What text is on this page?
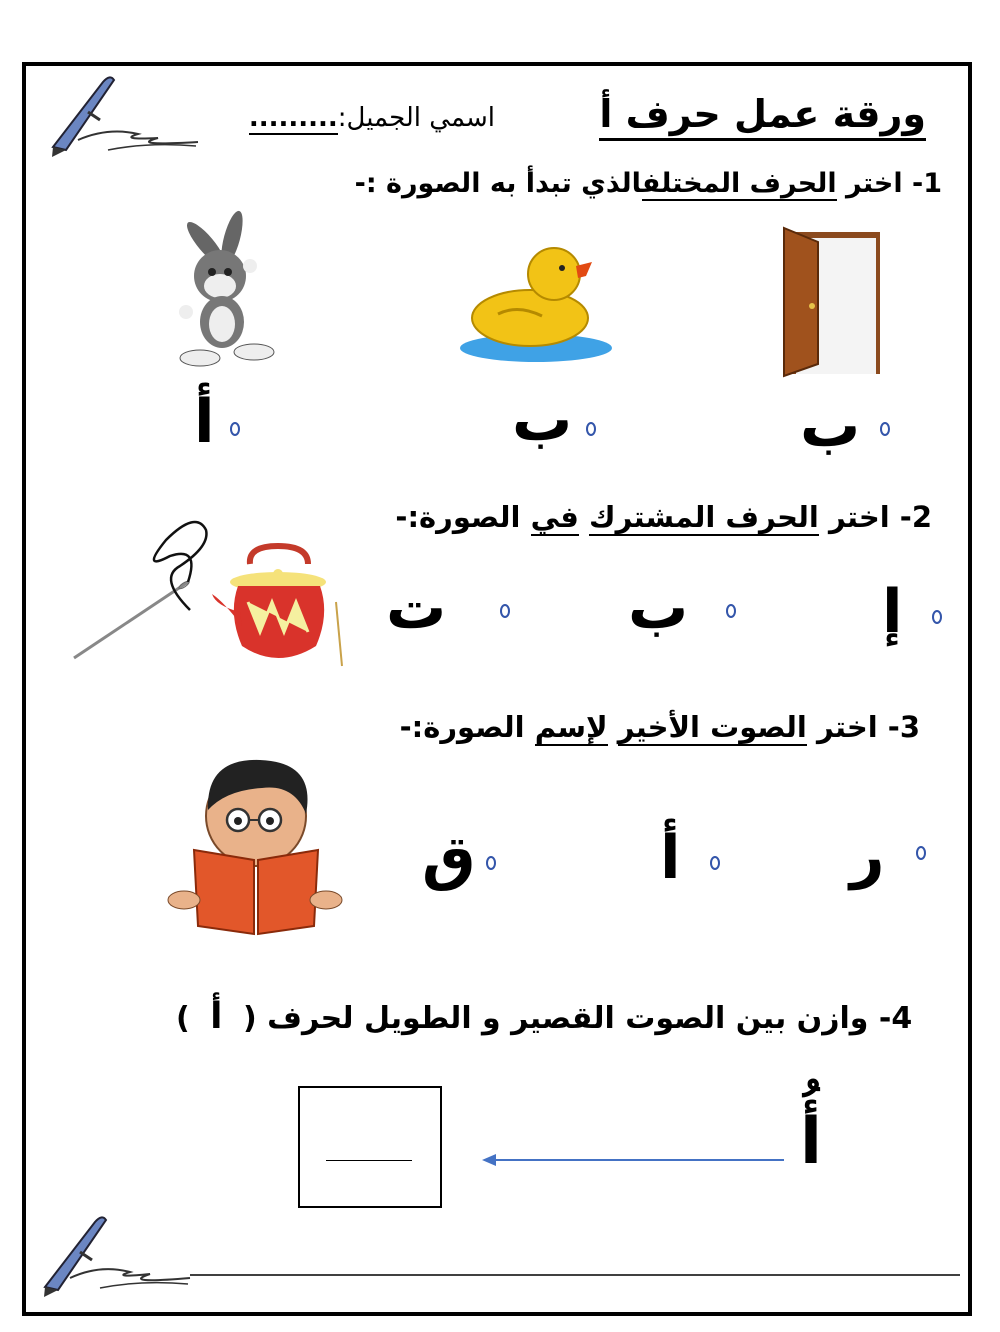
ورقة عمل حرف أ
اسمي الجميل:.........
1- اختر الحرف المختلفالذي تبدأ به الصورة :-
ب
ب
أ
2- اختر الحرف المشترك في الصورة:-
إ
ب
ت
3- اختر الصوت الأخير لإسم الصورة:-
ر
أ
ق
4- وازن بين الصوت القصير و الطويل لحرف ( أ )
أُ
